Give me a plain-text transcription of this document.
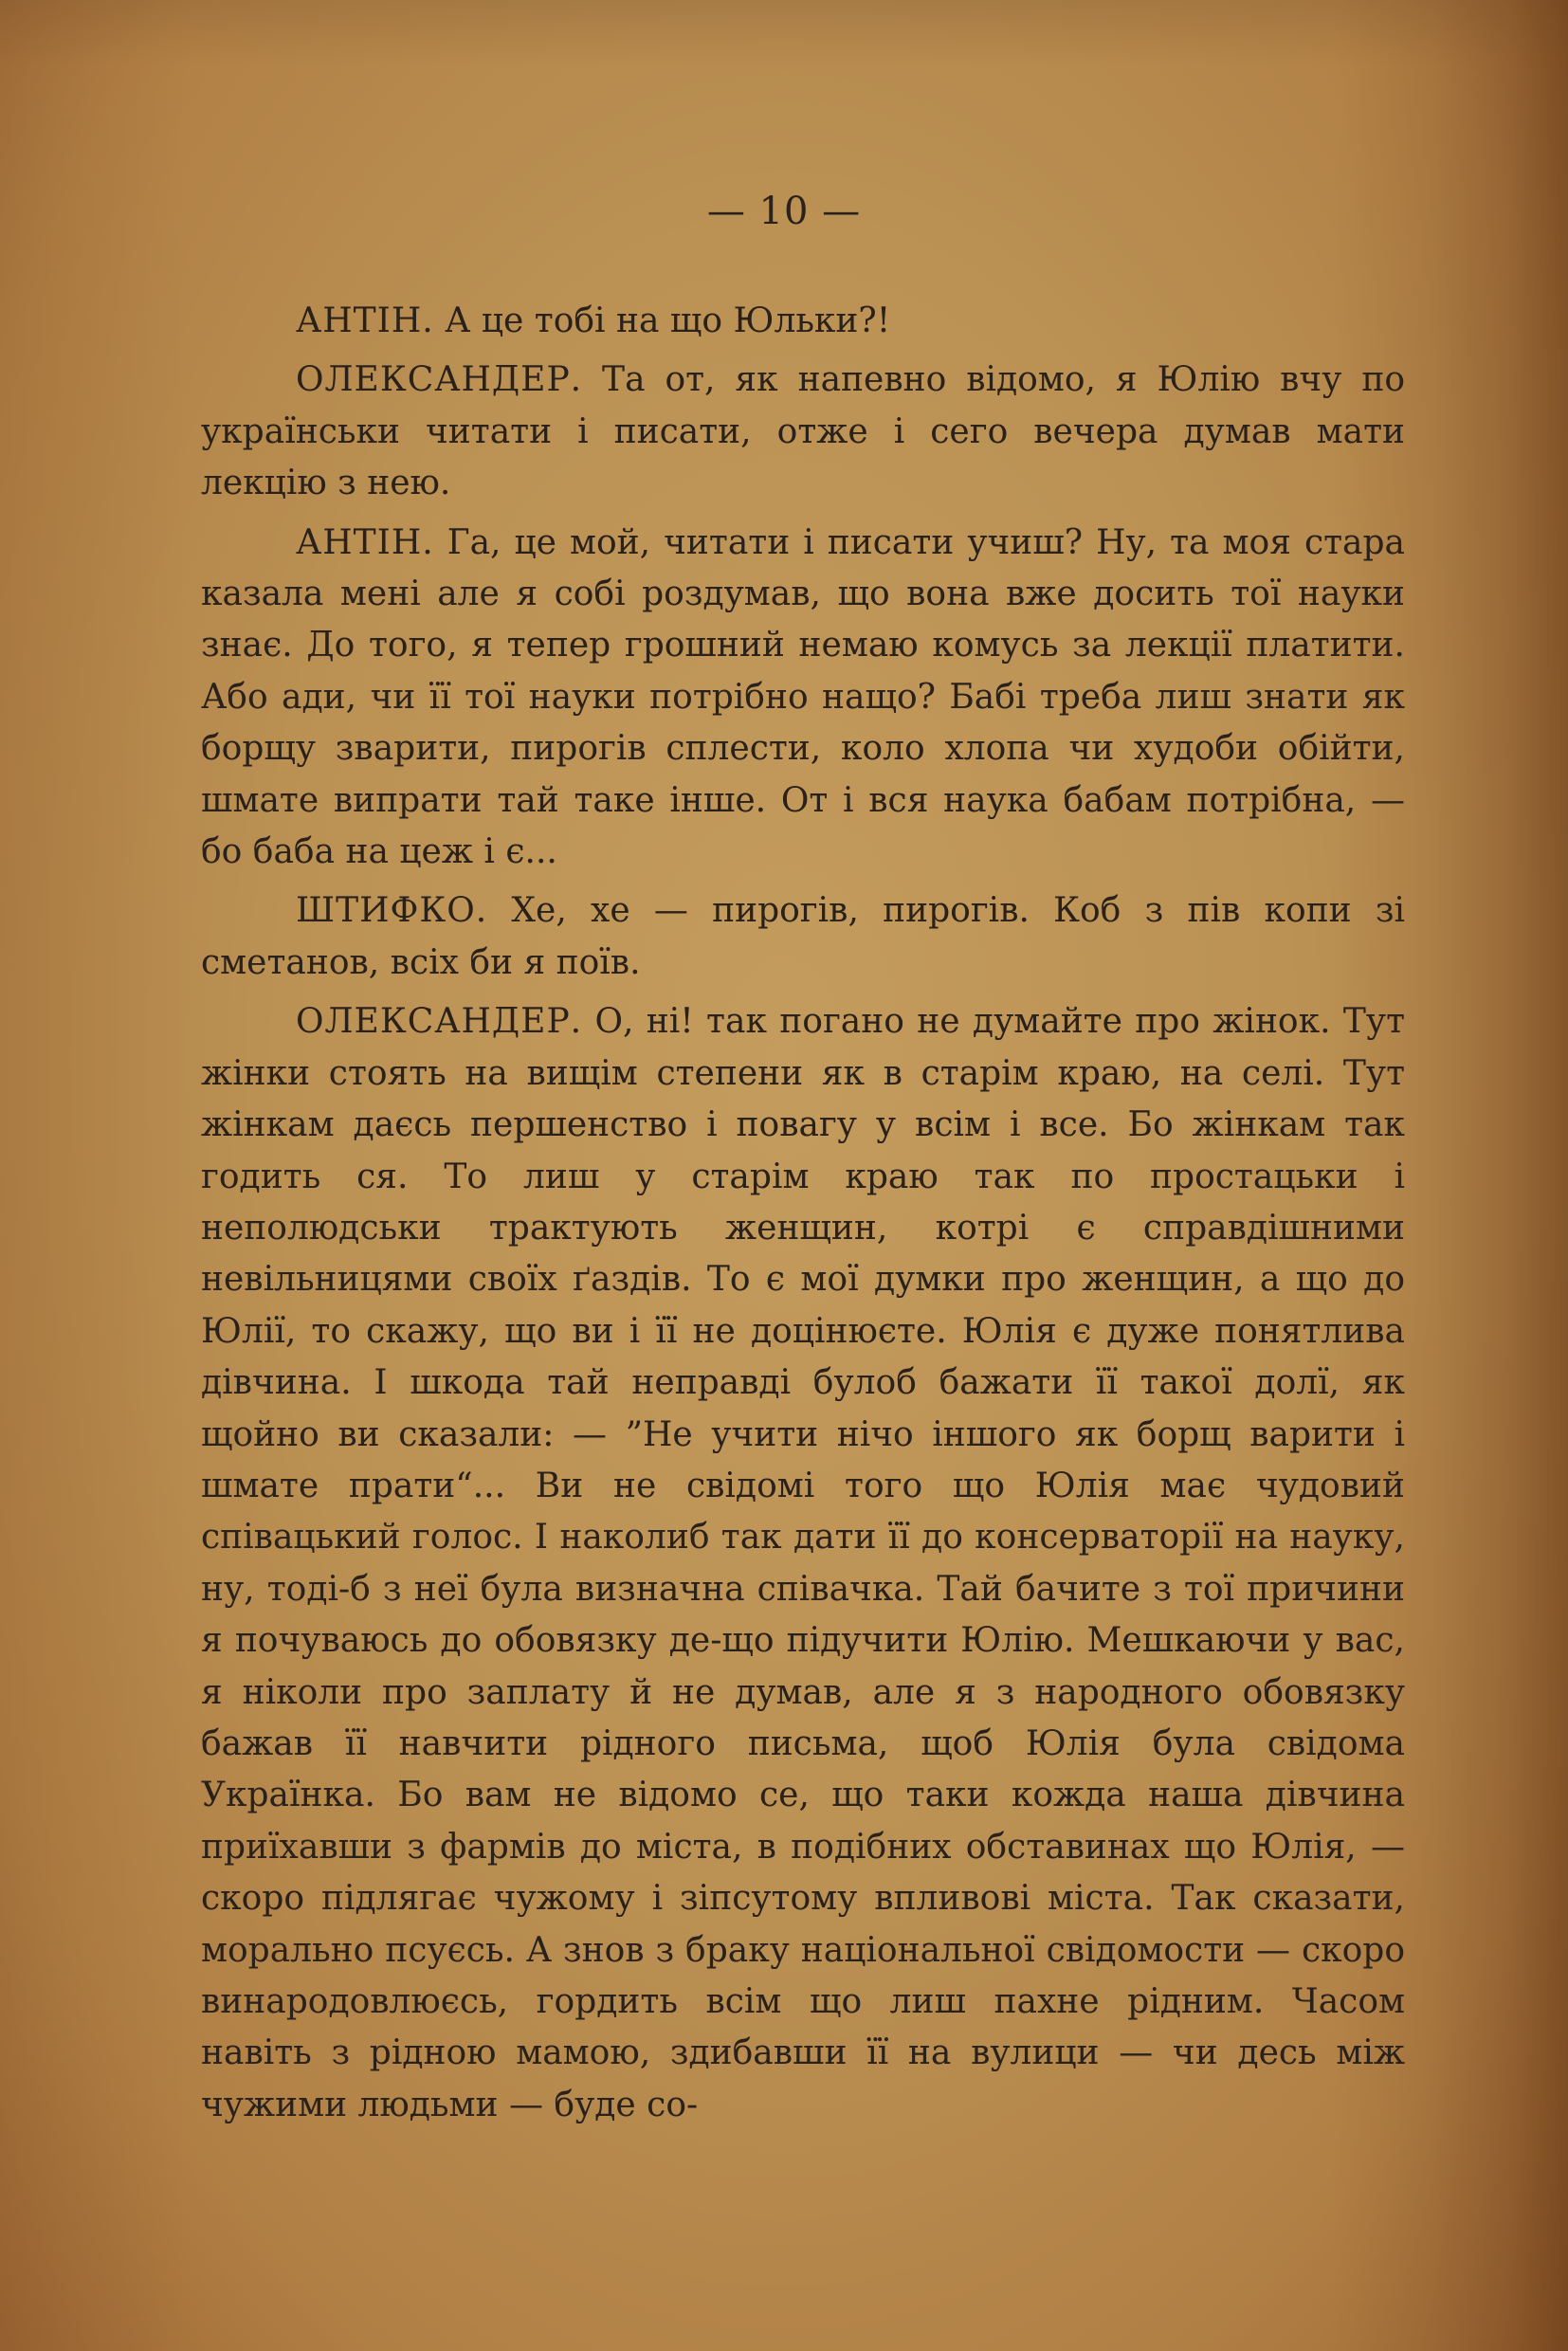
— 10 —

АНТІН. А це тобі на що Юльки?!

ОЛЕКСАНДЕР. Та от, як напевно відомо, я Юлію вчу по українськи читати і писати, отже і сего вечера думав мати лекцію з нею.

АНТІН. Га, це мой, читати і писати учиш? Ну, та моя стара казала мені але я собі роздумав, що вона вже досить тої науки знає. До того, я тепер грошний немаю комусь за лекції платити. Або ади, чи її тої науки потрібно нащо? Бабі треба лиш знати як борщу зварити, пирогів сплести, коло хлопа чи худоби обійти, шмате випрати тай таке інше. От і вся наука бабам потрібна, — бо баба на цеж і є...

ШТИФКО. Хе, хе — пирогів, пирогів. Коб з пів копи зі сметанов, всіх би я поїв.

ОЛЕКСАНДЕР. О, ні! так погано не думайте про жінок. Тут жінки стоять на вищім степени як в старім краю, на селі. Тут жінкам даєсь першенство і повагу у всім і все. Бо жінкам так годить ся. То лиш у старім краю так по простацьки і неполюдськи трактують женщин, котрі є справдішними невільницями своїх ґаздів. То є мої думки про женщин, а що до Юлії, то скажу, що ви і її не доцінюєте. Юлія є дуже понятлива дівчина. І шкода тай неправді булоб бажати її такої долї, як щойно ви сказали: — ”Не учити нічо іншого як борщ варити і шмате прати“... Ви не свідомі того що Юлія має чудовий співацький голос. І наколиб так дати її до консерваторії на науку, ну, тоді-б з неї була визначна співачка. Тай бачите з тої причини я почуваюсь до обовязку де-що підучити Юлію. Мешкаючи у вас, я ніколи про заплату й не думав, але я з народного обовязку бажав її навчити рідного письма, щоб Юлія була свідома Українка. Бо вам не відомо се, що таки кожда наша дівчина приїхавши з фармів до міста, в подібних обставинах що Юлія, — скоро підлягає чужому і зіпсутому впливові міста. Так сказати, морально псуєсь. А знов з браку національної свідомости — скоро винародовлюєсь, гордить всім що лиш пахне рідним. Часом навіть з рідною мамою, здибавши її на вулици — чи десь між чужими людьми — буде со-
